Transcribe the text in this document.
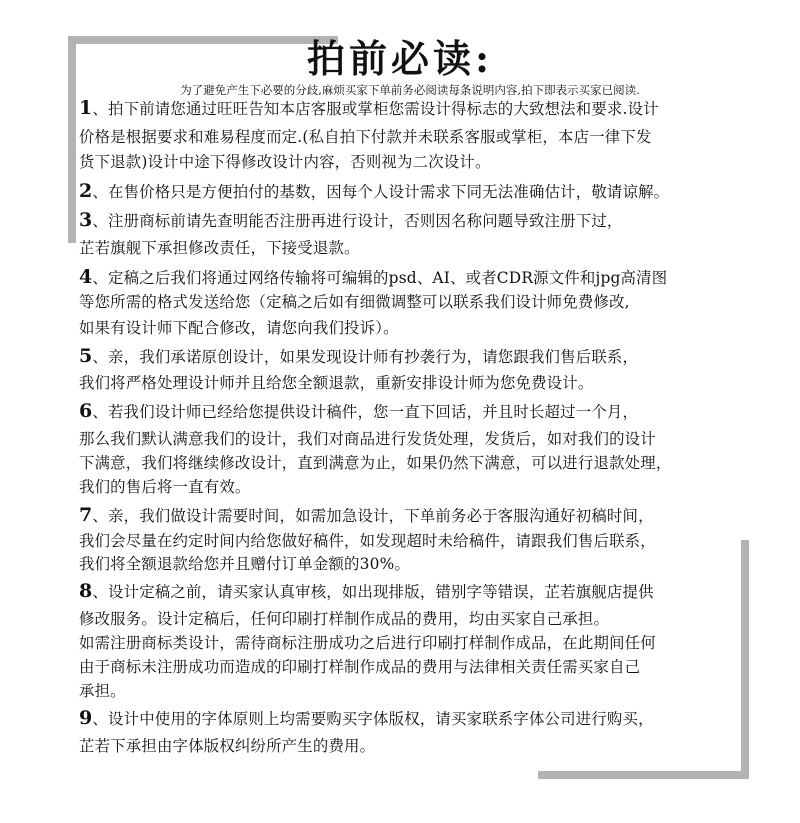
拍前必读:
为了避免产生下必要的分歧,麻烦买家下单前务必阅读每条说明内容,拍下即表示买家已阅读.

1、拍下前请您通过旺旺告知本店客服或掌柜您需设计得标志的大致想法和要求.设计

价格是根据要求和难易程度而定.(私自拍下付款并未联系客服或掌柜，本店一律下发

货下退款)设计中途下得修改设计内容，否则视为二次设计。

2、在售价格只是方便拍付的基数，因每个人设计需求下同无法准确估计，敬请谅解。

3、注册商标前请先查明能否注册再进行设计，否则因名称问题导致注册下过，

芷若旗舰下承担修改责任，下接受退款。

4、定稿之后我们将通过网络传输将可编辑的psd、AI、或者CDR源文件和jpg高清图

等您所需的格式发送给您（定稿之后如有细微调整可以联系我们设计师免费修改,

如果有设计师下配合修改，请您向我们投诉）。

5、亲，我们承诺原创设计，如果发现设计师有抄袭行为，请您跟我们售后联系，

我们将严格处理设计师并且给您全额退款，重新安排设计师为您免费设计。

6、若我们设计师已经给您提供设计稿件，您一直下回话，并且时长超过一个月，

那么我们默认满意我们的设计，我们对商品进行发货处理，发货后，如对我们的设计

下满意，我们将继续修改设计，直到满意为止，如果仍然下满意，可以进行退款处理，

我们的售后将一直有效。

7、亲，我们做设计需要时间，如需加急设计，下单前务必于客服沟通好初稿时间，

我们会尽量在约定时间内给您做好稿件，如发现超时未给稿件，请跟我们售后联系，

我们将全额退款给您并且赠付订单金额的30%。

8、设计定稿之前，请买家认真审核，如出现排版，错别字等错误，芷若旗舰店提供

修改服务。设计定稿后，任何印刷打样制作成品的费用，均由买家自己承担。

如需注册商标类设计，需待商标注册成功之后进行印刷打样制作成品，在此期间任何

由于商标未注册成功而造成的印刷打样制作成品的费用与法律相关责任需买家自己

承担。

9、设计中使用的字体原则上均需要购买字体版权，请买家联系字体公司进行购买，

芷若下承担由字体版权纠纷所产生的费用。
